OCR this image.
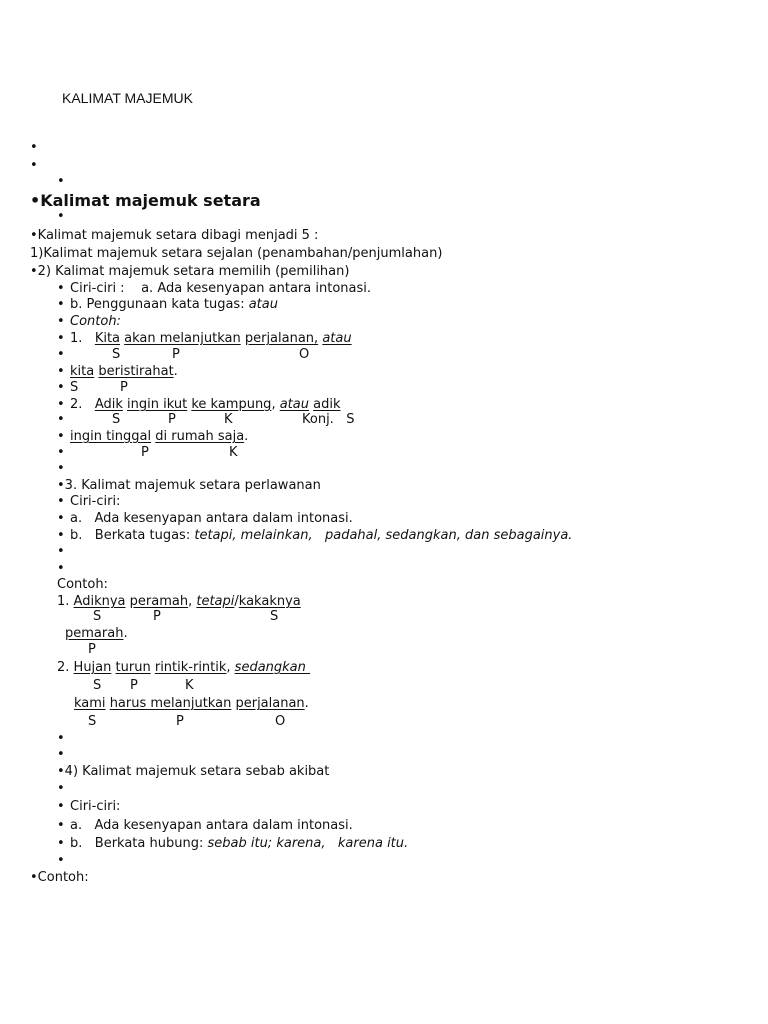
KALIMAT MAJEMUK
•
•
•
•Kalimat majemuk setara
•
•Kalimat majemuk setara dibagi menjadi 5 :
1)Kalimat majemuk setara sejalan (penambahan/penjumlahan)
•2) Kalimat majemuk setara memilih (pemilihan)
• Ciri-ciri :    a. Ada kesenyapan antara intonasi.
• b. Penggunaan kata tugas: atau
• Contoh:
• 1.   Kita akan melanjutkan perjalanan, atau
•	S	P	O
• kita beristirahat.
• S	P
• 2.   Adik ingin ikut ke kampung, atau adik
•	S	P	K	Konj.   S
• ingin tinggal di rumah saja.
•	P	K
•
•3. Kalimat majemuk setara perlawanan
• Ciri-ciri:
• a.   Ada kesenyapan antara dalam intonasi.
• b.   Berkata tugas: tetapi, melainkan,   padahal, sedangkan, dan sebagainya.
•
•
Contoh:
1. Adiknya peramah, tetapi/kakaknya
S	P	S
pemarah.
P
2. Hujan turun rintik-rintik, sedangkan
S P	K
kami harus melanjutkan perjalanan.
S	P	O
•
•
•4) Kalimat majemuk setara sebab akibat
•
• Ciri-ciri:
• a.   Ada kesenyapan antara dalam intonasi.
• b.   Berkata hubung: sebab itu; karena,   karena itu.
•
•Contoh:
